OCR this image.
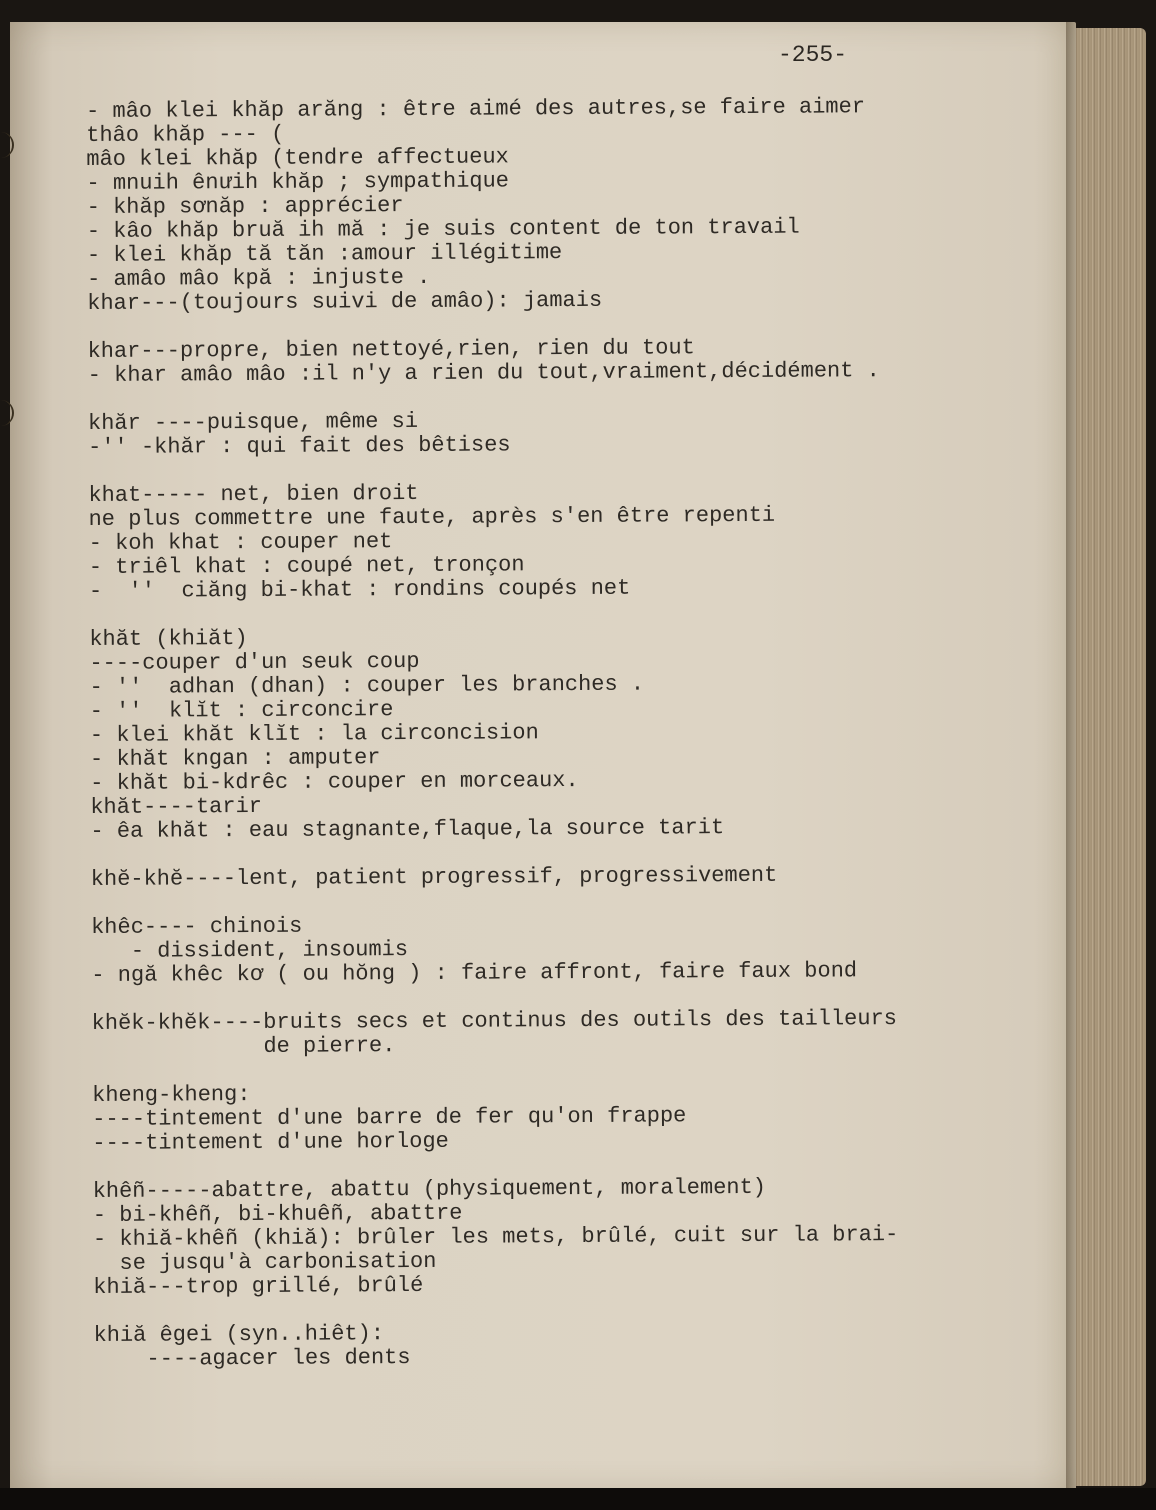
-255-
- mâo klei khăp arăng : être aimé des autres,se faire aimer
thâo khăp --- (
mâo klei khăp (tendre affectueux
- mnuih ênưih khăp ; sympathique
- khăp sơnăp : apprécier
- kâo khăp bruă ih mă : je suis content de ton travail
- klei khăp tă tăn :amour illégitime
- amâo mâo kpă : injuste .
khar---(toujours suivi de amâo): jamais
khar---propre, bien nettoyé,rien, rien du tout
- khar amâo mâo :il n'y a rien du tout,vraiment,décidément .
khăr ----puisque, même si
-'' -khăr : qui fait des bêtises
khat----- net, bien droit
ne plus commettre une faute, après s'en être repenti
- koh khat : couper net
- triêl khat : coupé net, tronçon
-  ''  ciăng bi-khat : rondins coupés net
khăt (khiăt)
----couper d'un seuk coup
- ''  adhan (dhan) : couper les branches .
- ''  klĭt : circoncire
- klei khăt klĭt : la circoncision
- khăt kngan : amputer
- khăt bi-kdrêc : couper en morceaux.
khăt----tarir
- êa khăt : eau stagnante,flaque,la source tarit
khĕ-khĕ----lent, patient progressif, progressivement
khêc---- chinois
- dissident, insoumis
- ngă khêc kơ ( ou hŏng ) : faire affront, faire faux bond
khĕk-khĕk----bruits secs et continus des outils des tailleurs
de pierre.
kheng-kheng:
----tintement d'une barre de fer qu'on frappe
----tintement d'une horloge
khêñ-----abattre, abattu (physiquement, moralement)
- bi-khêñ, bi-khuêñ, abattre
- khiă-khêñ (khiă): brûler les mets, brûlé, cuit sur la brai-
se jusqu'à carbonisation
khiă---trop grillé, brûlé
khiă êgei (syn..hiêt):
----agacer les dents
